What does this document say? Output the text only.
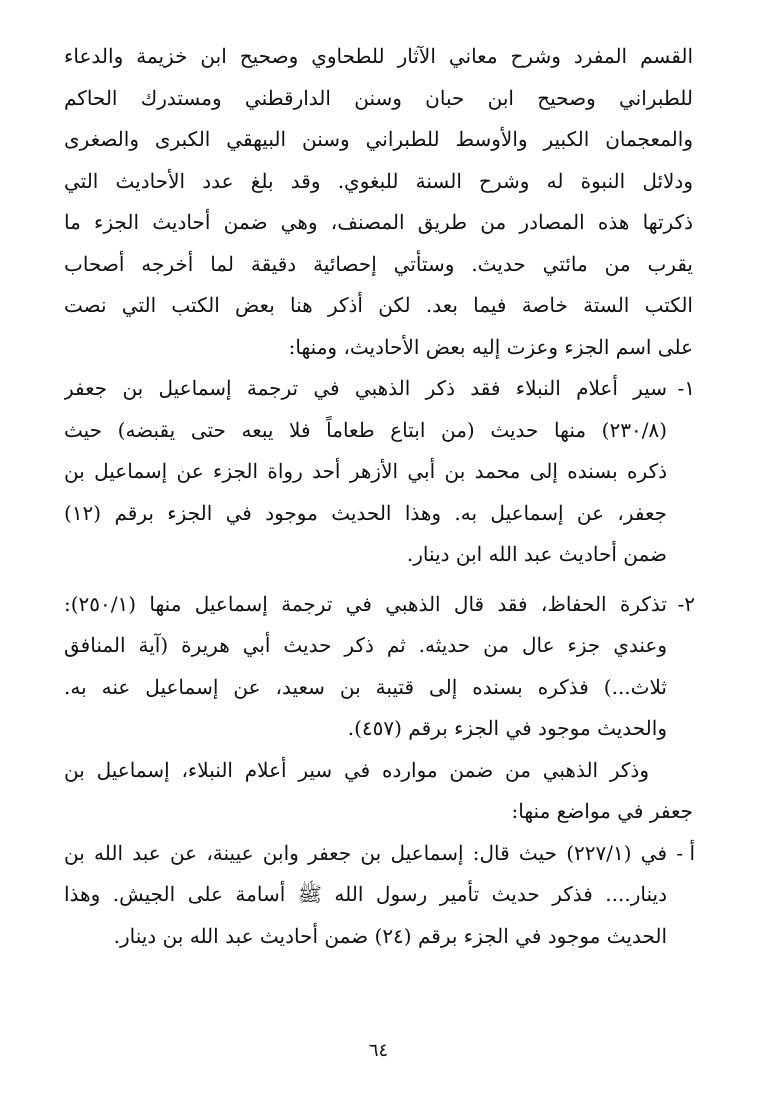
القسم المفرد وشرح معاني الآثار للطحاوي وصحيح ابن خزيمة والدعاء
للطبراني وصحيح ابن حبان وسنن الدارقطني ومستدرك الحاكم
والمعجمان الكبير والأوسط للطبراني وسنن البيهقي الكبرى والصغرى
ودلائل النبوة له وشرح السنة للبغوي. وقد بلغ عدد الأحاديث التي
ذكرتها هذه المصادر من طريق المصنف، وهي ضمن أحاديث الجزء ما
يقرب من مائتي حديث. وستأتي إحصائية دقيقة لما أخرجه أصحاب
الكتب الستة خاصة فيما بعد. لكن أذكر هنا بعض الكتب التي نصت
على اسم الجزء وعزت إليه بعض الأحاديث، ومنها:
١-
سير أعلام النبلاء فقد ذكر الذهبي في ترجمة إسماعيل بن جعفر
(٢٣٠/٨) منها حديث (من ابتاع طعاماً فلا يبعه حتى يقبضه) حيث
ذكره بسنده إلى محمد بن أبي الأزهر أحد رواة الجزء عن إسماعيل بن
جعفر، عن إسماعيل به. وهذا الحديث موجود في الجزء برقم (١٢)
ضمن أحاديث عبد الله ابن دينار.
٢-
تذكرة الحفاظ، فقد قال الذهبي في ترجمة إسماعيل منها (٢٥٠/١):
وعندي جزء عال من حديثه. ثم ذكر حديث أبي هريرة (آية المنافق
ثلاث...) فذكره بسنده إلى قتيبة بن سعيد، عن إسماعيل عنه به.
والحديث موجود في الجزء برقم (٤٥٧).
وذكر الذهبي من ضمن موارده في سير أعلام النبلاء، إسماعيل بن
جعفر في مواضع منها:
أ -
في (٢٢٧/١) حيث قال: إسماعيل بن جعفر وابن عيينة، عن عبد الله بن
دينار.... فذكر حديث تأمير رسول الله ﷺ أسامة على الجيش. وهذا
الحديث موجود في الجزء برقم (٢٤) ضمن أحاديث عبد الله بن دينار.
٦٤
